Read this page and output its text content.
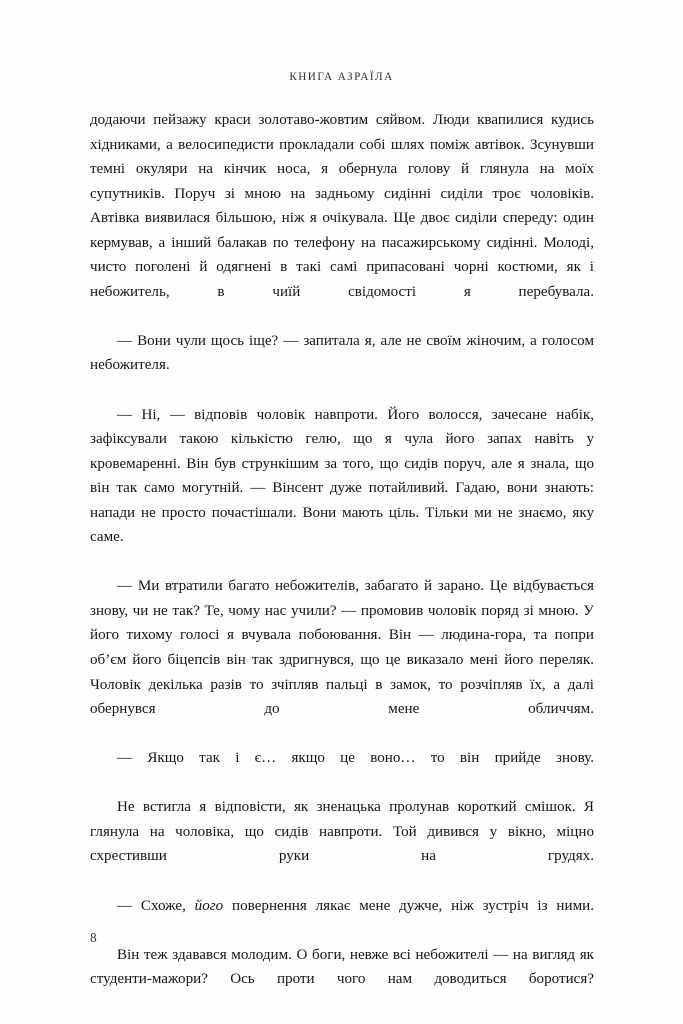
КНИГА АЗРАЇЛА

додаючи пейзажу краси золотаво-жовтим сяйвом. Люди квапилися кудись хідниками, а велосипедисти прокладали собі шлях поміж автівок. Зсунувши темні окуляри на кінчик носа, я обернула голову й глянула на моїх супутників. Поруч зі мною на задньому сидінні сиділи троє чоловіків. Автівка виявилася більшою, ніж я очікувала. Ще двоє сиділи спереду: один кермував, а інший балакав по телефону на пасажирському сидінні. Молоді, чисто поголені й одягнені в такі самі припасовані чорні костюми, як і небожитель, в чиїй свідомості я перебувала.

— Вони чули щось іще? — запитала я, але не своїм жіночим, а голосом небожителя.

— Ні, — відповів чоловік навпроти. Його волосся, зачесане набік, зафіксували такою кількістю гелю, що я чула його запах навіть у кровемаренні. Він був стрункішим за того, що сидів поруч, але я знала, що він так само могутній. — Вінсент дуже потайливий. Гадаю, вони знають: напади не просто почастішали. Вони мають ціль. Тільки ми не знаємо, яку саме.

— Ми втратили багато небожителів, забагато й зарано. Це відбувається знову, чи не так? Те, чому нас учили? — промовив чоловік поряд зі мною. У його тихому голосі я вчувала побоювання. Він — людина-гора, та попри об’єм його біцепсів він так здригнувся, що це виказало мені його переляк. Чоловік декілька разів то зчіпляв пальці в замок, то розчіпляв їх, а далі обернувся до мене обличчям.

— Якщо так і є… якщо це воно… то він прийде знову.

Не встигла я відповісти, як зненацька пролунав короткий смішок. Я глянула на чоловіка, що сидів навпроти. Той дивився у вікно, міцно схрестивши руки на грудях.

— Схоже, його повернення лякає мене дужче, ніж зустріч із ними.

Він теж здавався молодим. О боги, невже всі небожителі — на вигляд як студенти-мажори? Ось проти чого нам доводиться боротися?

8
